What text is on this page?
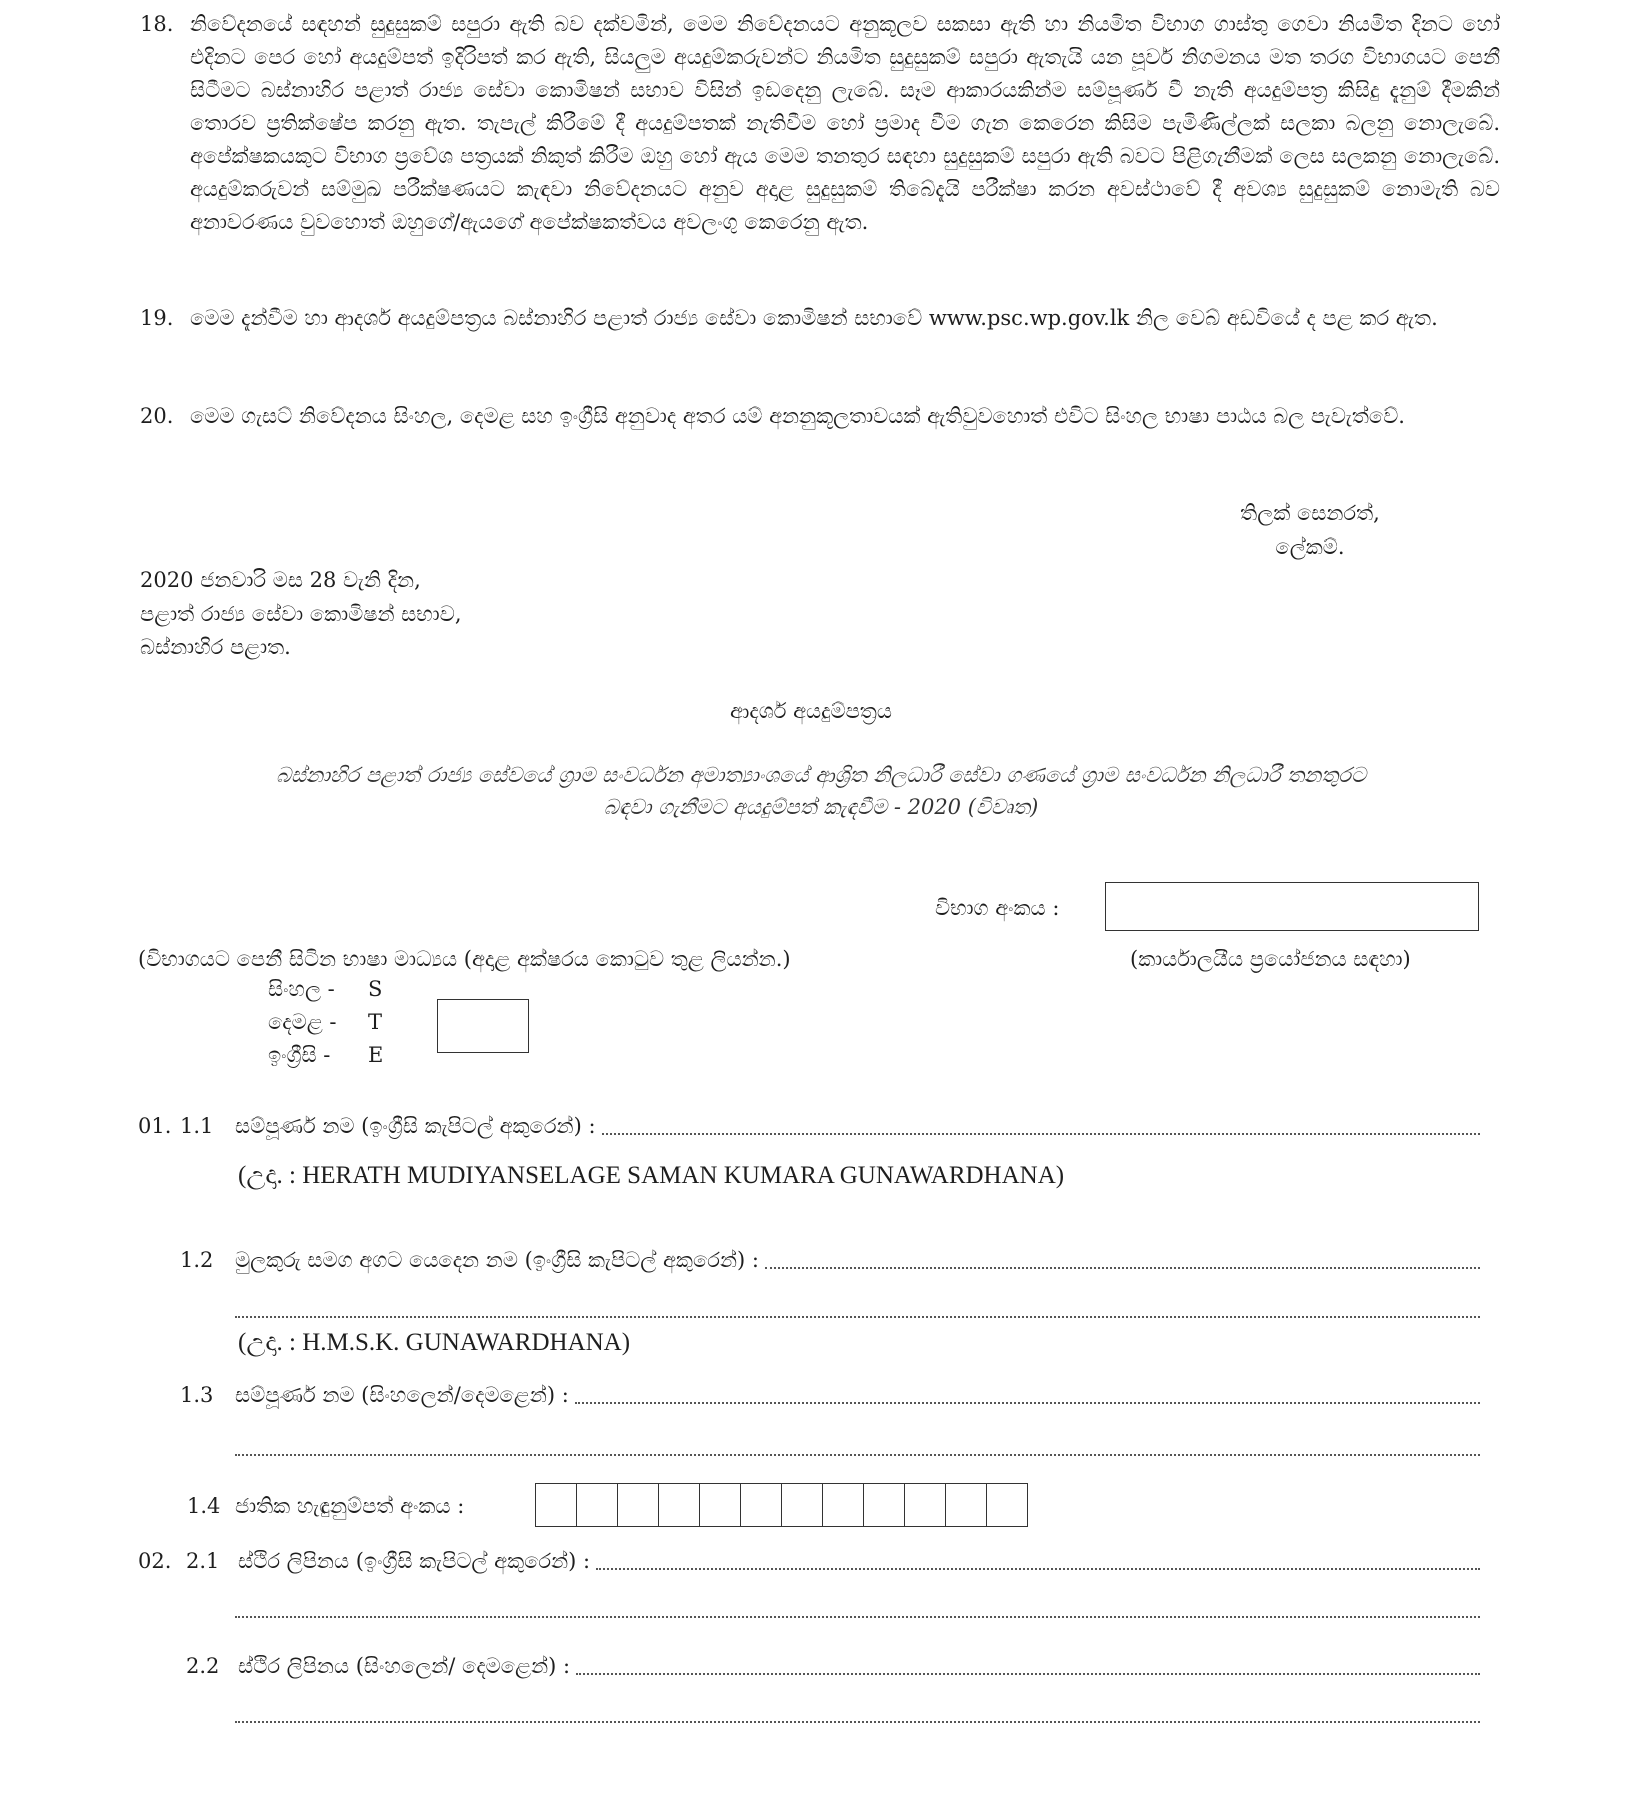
18. නිවේදනයේ සඳහන් සුදුසුකම් සපුරා ඇති බව දක්වමින්, මෙම නිවේදනයට අනුකූලව සකසා ඇති හා නියමිත විභාග ගාස්තු ගෙවා නියමිත දිනට හෝ එදිනට පෙර හෝ අයදුම්පත් ඉදිරිපත් කර ඇති, සියලුම අයදුම්කරුවන්ට නියමිත සුදුසුකම් සපුරා ඇතැයි යන පූර්ව නිගමනය මත තරග විභාගයට පෙනී සිටීමට බස්නාහිර පළාත් රාජ්‍ය සේවා කොමිෂන් සභාව විසින් ඉඩදෙනු ලැබේ. සෑම ආකාරයකින්ම සම්පූර්ණ වී නැති අයදුම්පත්‍ර කිසිදු දැනුම් දීමකින් තොරව ප්‍රතික්ෂේප කරනු ඇත. තැපැල් කිරීමේ දී අයදුම්පතක් නැතිවීම හෝ ප්‍රමාද වීම ගැන කෙරෙන කිසිම පැමිණිල්ලක් සලකා බලනු නොලැබේ. අපේක්ෂකයකුට විභාග ප්‍රවේශ පත්‍රයක් නිකුත් කිරීම ඔහු හෝ ඇය මෙම තනතුර සඳහා සුදුසුකම් සපුරා ඇති බවට පිළිගැනීමක් ලෙස සලකනු නොලැබේ. අයදුම්කරුවන් සම්මුඛ පරීක්ෂණයට කැඳවා නිවේදනයට අනුව අදාළ සුදුසුකම් තිබේදැයි පරීක්ෂා කරන අවස්ථාවේ දී අවශ්‍ය සුදුසුකම් නොමැති බව අනාවරණය වුවහොත් ඔහුගේ/ඇයගේ අපේක්ෂකත්වය අවලංගු කෙරෙනු ඇත.
19. මෙම දැන්වීම හා ආදර්ශ අයදුම්පත්‍රය බස්නාහිර පළාත් රාජ්‍ය සේවා කොමිෂන් සභාවේ www.psc.wp.gov.lk නිල වෙබ් අඩවියේ ද පළ කර ඇත.
20. මෙම ගැසට් නිවේදනය සිංහල, දෙමළ සහ ඉංග්‍රීසි අනුවාද අතර යම් අනනුකූලතාවයක් ඇතිවුවහොත් එවිට සිංහල භාෂා පාඨය බල පැවැත්වේ.
තිලක් සෙනරත්,
ලේකම්.
2020 ජනවාරි මස 28 වැනි දින,
පළාත් රාජ්‍ය සේවා කොමිෂන් සභාව,
බස්නාහිර පළාත.
ආදර්ශ අයදුම්පත්‍රය
බස්නාහිර පළාත් රාජ්‍ය සේවයේ ග්‍රාම සංවර්ධන අමාත්‍යාංශයේ ආශ්‍රිත නිලධාරී සේවා ගණයේ ග්‍රාම සංවර්ධන නිලධාරී තනතුරට
බඳවා ගැනීමට අයදුම්පත් කැඳවීම - 2020 (විවෘත)
විභාග අංකය :
(විභාගයට පෙනී සිටින භාෂා මාධ්‍යය (අදාළ අක්ෂරය කොටුව තුළ ලියන්න.)	(කාර්යාලයීය ප්‍රයෝජනය සඳහා)
සිංහල - S
දෙමළ - T
ඉංග්‍රීසි - E
01. 1.1	සම්පූර්ණ නම (ඉංග්‍රීසි කැපිටල් අකුරෙන්) :
(උදා. : HERATH MUDIYANSELAGE SAMAN KUMARA GUNAWARDHANA)
1.2	මුලකුරු සමග අගට යෙදෙන නම (ඉංග්‍රීසි කැපිටල් අකුරෙන්) :
(උදා. : H.M.S.K. GUNAWARDHANA)
1.3	සම්පූර්ණ නම (සිංහලෙන්/දෙමළෙන්) :
1.4 ජාතික හැඳුනුම්පත් අංකය :
02. 2.1 ස්ථිර ලිපිනය (ඉංග්‍රීසි කැපිටල් අකුරෙන්) :
2.2 ස්ථිර ලිපිනය (සිංහලෙන්/ දෙමළෙන්) :
